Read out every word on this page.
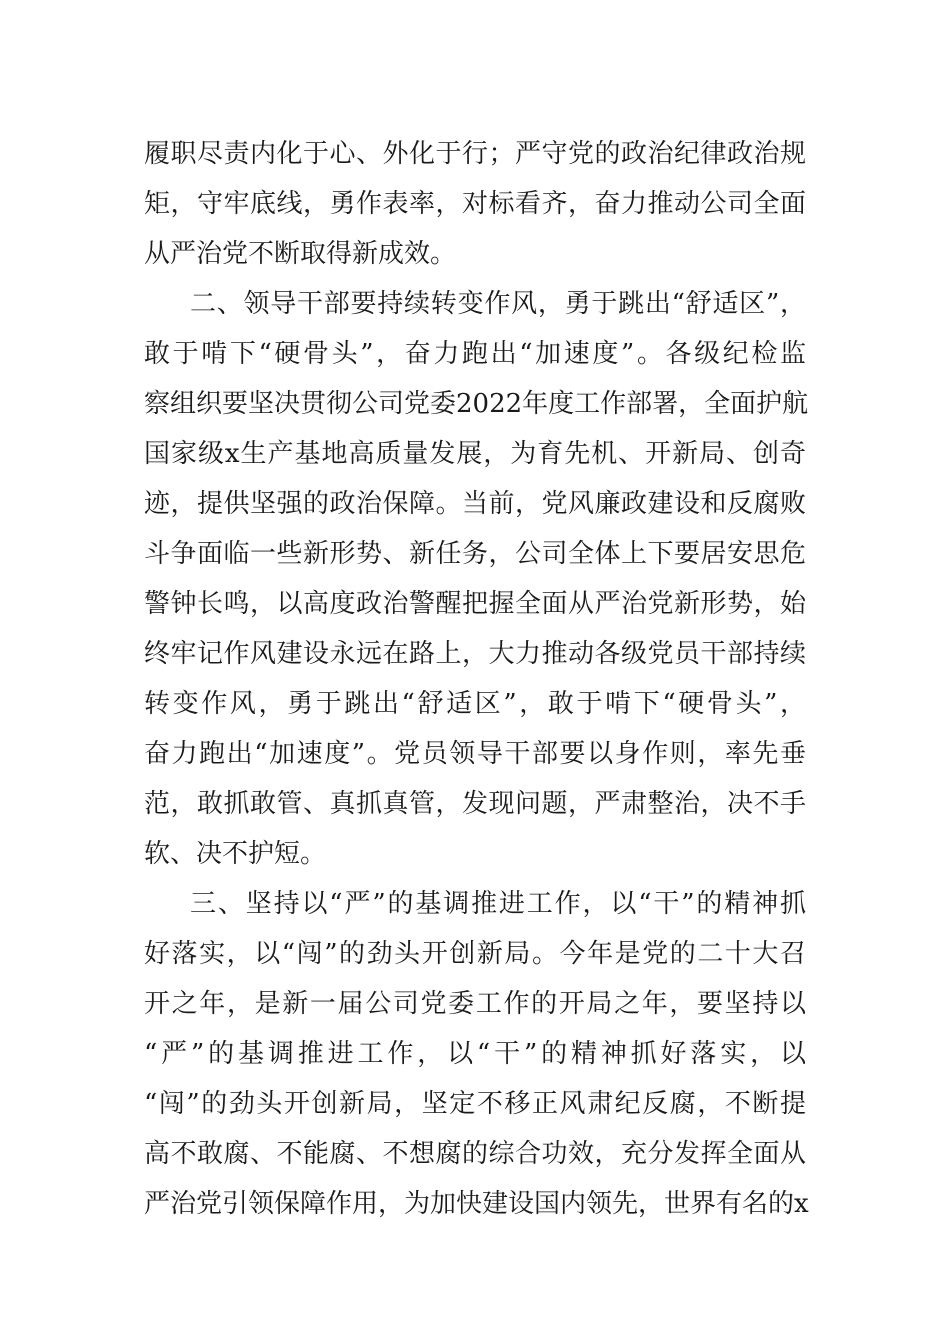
履职尽责内化于心、外化于行；严守党的政治纪律政治规
矩，守牢底线，勇作表率，对标看齐，奋力推动公司全面
从严治党不断取得新成效。
二、领导干部要持续转变作风，勇于跳出“舒适区”，
敢于啃下“硬骨头”，奋力跑出“加速度”。各级纪检监
察组织要坚决贯彻公司党委2022年度工作部署，全面护航
国家级x生产基地高质量发展，为育先机、开新局、创奇
迹，提供坚强的政治保障。当前，党风廉政建设和反腐败
斗争面临一些新形势、新任务，公司全体上下要居安思危
警钟长鸣，以高度政治警醒把握全面从严治党新形势，始
终牢记作风建设永远在路上，大力推动各级党员干部持续
转变作风，勇于跳出“舒适区”，敢于啃下“硬骨头”，
奋力跑出“加速度”。党员领导干部要以身作则，率先垂
范，敢抓敢管、真抓真管，发现问题，严肃整治，决不手
软、决不护短。
三、坚持以“严”的基调推进工作，以“干”的精神抓
好落实，以“闯”的劲头开创新局。今年是党的二十大召
开之年，是新一届公司党委工作的开局之年，要坚持以
“严”的基调推进工作，以“干”的精神抓好落实，以
“闯”的劲头开创新局，坚定不移正风肃纪反腐，不断提
高不敢腐、不能腐、不想腐的综合功效，充分发挥全面从
严治党引领保障作用，为加快建设国内领先，世界有名的x
